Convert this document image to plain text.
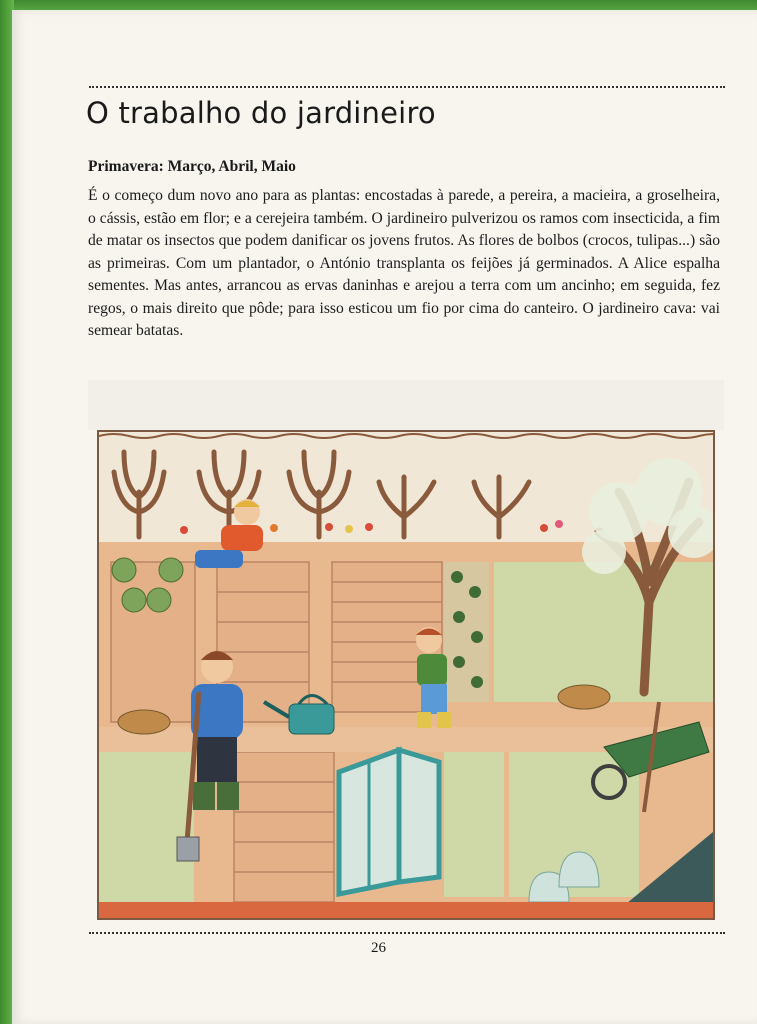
O trabalho do jardineiro

Primavera: Março, Abril, Maio

É o começo dum novo ano para as plantas: encostadas à parede, a pereira, a macieira, a groselheira, o cássis, estão em flor; e a cerejeira também. O jardineiro pulverizou os ramos com insecticida, a fim de matar os insectos que podem danificar os jovens frutos. As flores de bolbos (crocos, tulipas...) são as primeiras. Com um plantador, o António transplanta os feijões já germinados. A Alice espalha sementes. Mas antes, arrancou as ervas daninhas e arejou a terra com um ancinho; em seguida, fez regos, o mais direito que pôde; para isso esticou um fio por cima do canteiro. O jardineiro cava: vai semear batatas.

26
